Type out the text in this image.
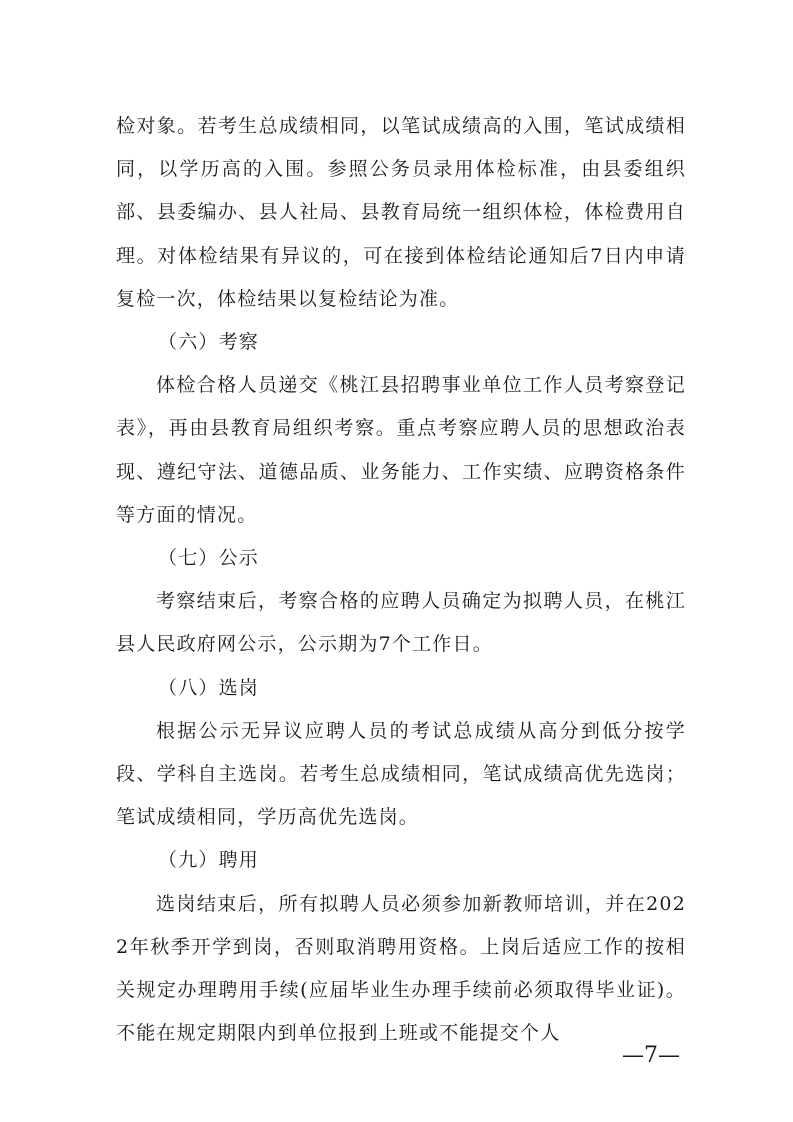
检对象。若考生总成绩相同，以笔试成绩高的入围，笔试成绩相同，以学历高的入围。参照公务员录用体检标准，由县委组织部、县委编办、县人社局、县教育局统一组织体检，体检费用自理。对体检结果有异议的，可在接到体检结论通知后7日内申请复检一次，体检结果以复检结论为准。

（六）考察

体检合格人员递交《桃江县招聘事业单位工作人员考察登记表》，再由县教育局组织考察。重点考察应聘人员的思想政治表现、遵纪守法、道德品质、业务能力、工作实绩、应聘资格条件等方面的情况。

（七）公示

考察结束后，考察合格的应聘人员确定为拟聘人员，在桃江县人民政府网公示，公示期为7个工作日。

（八）选岗

根据公示无异议应聘人员的考试总成绩从高分到低分按学段、学科自主选岗。若考生总成绩相同，笔试成绩高优先选岗；笔试成绩相同，学历高优先选岗。

（九）聘用

选岗结束后，所有拟聘人员必须参加新教师培训，并在2022年秋季开学到岗，否则取消聘用资格。上岗后适应工作的按相关规定办理聘用手续(应届毕业生办理手续前必须取得毕业证)。不能在规定期限内到单位报到上班或不能提交个人

—7—
